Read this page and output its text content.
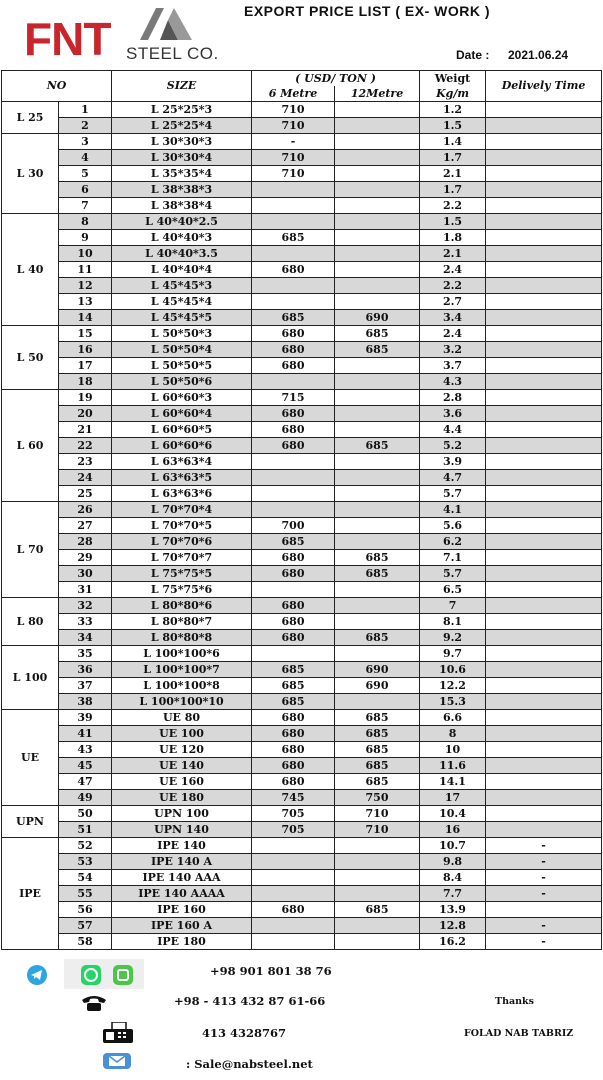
FNT STEEL CO.
EXPORT PRICE LIST ( EX- WORK )
Date : 2021.06.24
NO		SIZE	( USD/ TON )		Weigt	Delively Time
			6 Metre	12Metre	Kg/m	
L 25	1	L 25*25*3	710		1.2	
	2	L 25*25*4	710		1.5	
L 30	3	L 30*30*3	-		1.4	
	4	L 30*30*4	710		1.7	
	5	L 35*35*4	710		2.1	
	6	L 38*38*3			1.7	
	7	L 38*38*4			2.2	
L 40	8	L 40*40*2.5			1.5	
	9	L 40*40*3	685		1.8	
	10	L 40*40*3.5			2.1	
	11	L 40*40*4	680		2.4	
	12	L 45*45*3			2.2	
	13	L 45*45*4			2.7	
	14	L 45*45*5	685	690	3.4	
L 50	15	L 50*50*3	680	685	2.4	
	16	L 50*50*4	680	685	3.2	
	17	L 50*50*5	680		3.7	
	18	L 50*50*6			4.3	
L 60	19	L 60*60*3	715		2.8	
	20	L 60*60*4	680		3.6	
	21	L 60*60*5	680		4.4	
	22	L 60*60*6	680	685	5.2	
	23	L 63*63*4			3.9	
	24	L 63*63*5			4.7	
	25	L 63*63*6			5.7	
L 70	26	L 70*70*4			4.1	
	27	L 70*70*5	700		5.6	
	28	L 70*70*6	685		6.2	
	29	L 70*70*7	680	685	7.1	
	30	L 75*75*5	680	685	5.7	
	31	L 75*75*6			6.5	
L 80	32	L 80*80*6	680		7	
	33	L 80*80*7	680		8.1	
	34	L 80*80*8	680	685	9.2	
L 100	35	L 100*100*6			9.7	
	36	L 100*100*7	685	690	10.6	
	37	L 100*100*8	685	690	12.2	
	38	L 100*100*10	685		15.3	
UE	39	UE 80	680	685	6.6	
	41	UE 100	680	685	8	
	43	UE 120	680	685	10	
	45	UE 140	680	685	11.6	
	47	UE 160	680	685	14.1	
	49	UE 180	745	750	17	
UPN	50	UPN 100	705	710	10.4	
	51	UPN 140	705	710	16	
IPE	52	IPE 140			10.7	-
	53	IPE 140 A			9.8	-
	54	IPE 140 AAA			8.4	-
	55	IPE 140 AAAA			7.7	-
	56	IPE 160	680	685	13.9	
	57	IPE 160 A			12.8	-
	58	IPE 180			16.2	-
+98 901 801 38 76
+98 - 413 432 87 61-66	Thanks
413 4328767	FOLAD NAB TABRIZ
: Sale@nabsteel.net
